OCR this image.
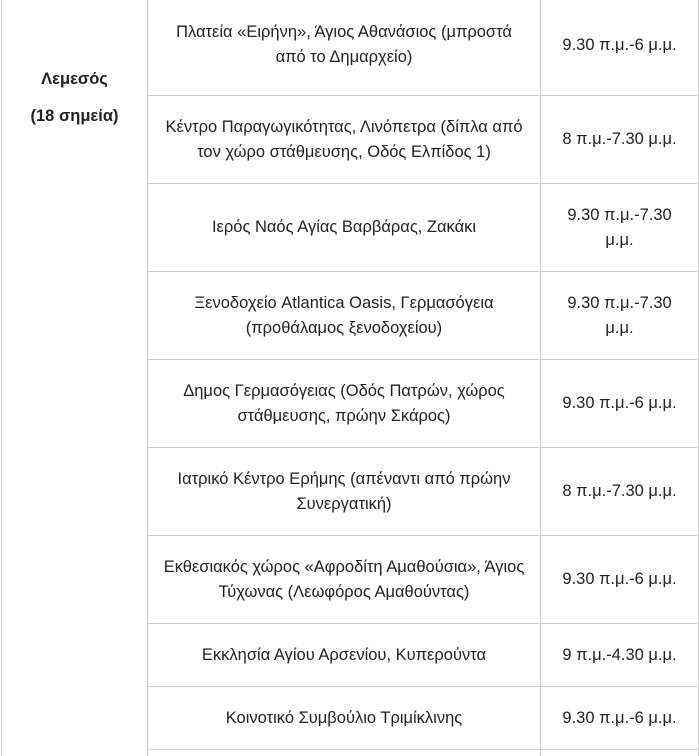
Λεμεσός
(18 σημεία)	Πλατεία «Ειρήνη», Άγιος Αθανάσιος (μπροστά από το Δημαρχείο)	9.30 π.μ.-6 μ.μ.
	Κέντρο Παραγωγικότητας, Λινόπετρα (δίπλα από τον χώρο στάθμευσης, Οδός Ελπίδος 1)	8 π.μ.-7.30 μ.μ.
	Ιερός Ναός Αγίας Βαρβάρας, Ζακάκι	9.30 π.μ.-7.30 μ.μ.
	Ξενοδοχείο Atlantica Oasis, Γερμασόγεια (προθάλαμος ξενοδοχείου)	9.30 π.μ.-7.30 μ.μ.
	Δημος Γερμασόγειας (Οδός Πατρών, χώρος στάθμευσης, πρώην Σκάρος)	9.30 π.μ.-6 μ.μ.
	Ιατρικό Κέντρο Ερήμης (απέναντι από πρώην Συνεργατική)	8 π.μ.-7.30 μ.μ.
	Εκθεσιακός χώρος «Αφροδίτη Αμαθούσια», Άγιος Τύχωνας (Λεωφόρος Αμαθούντας)	9.30 π.μ.-6 μ.μ.
	Εκκλησία Αγίου Αρσενίου, Κυπερούντα	9 π.μ.-4.30 μ.μ.
	Κοινοτικό Συμβούλιο Τριμίκλινης	9.30 π.μ.-6 μ.μ.
